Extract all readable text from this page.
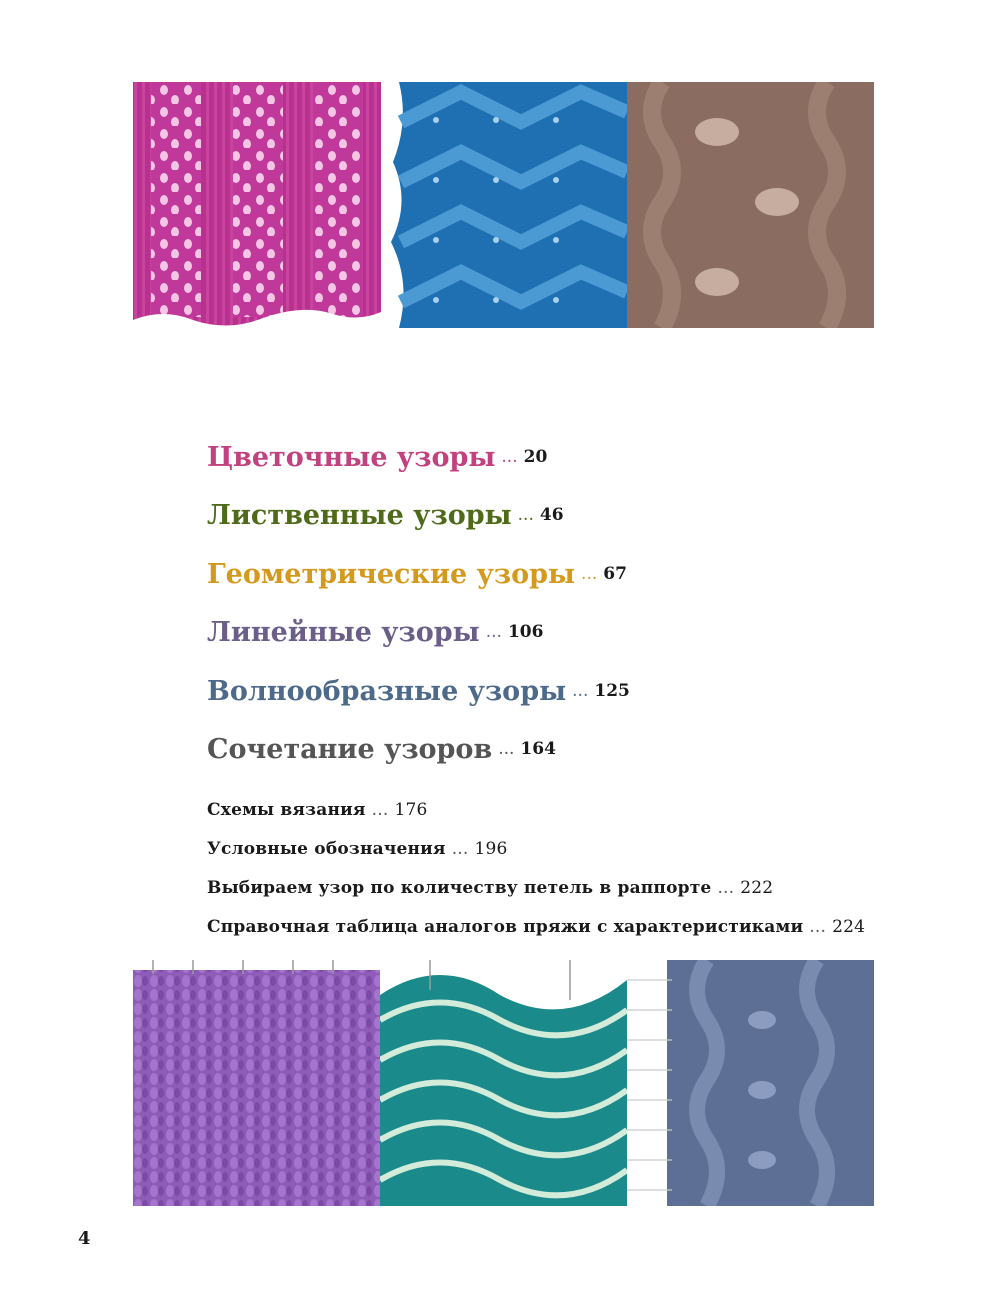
Цветочные узоры ... 20
Лиственные узоры ... 46
Геометрические узоры ... 67
Линейные узоры ... 106
Волнообразные узоры ... 125
Сочетание узоров ... 164
Схемы вязания ... 176
Условные обозначения ... 196
Выбираем узор по количеству петель в раппорте ... 222
Справочная таблица аналогов пряжи с характеристиками ... 224
4
